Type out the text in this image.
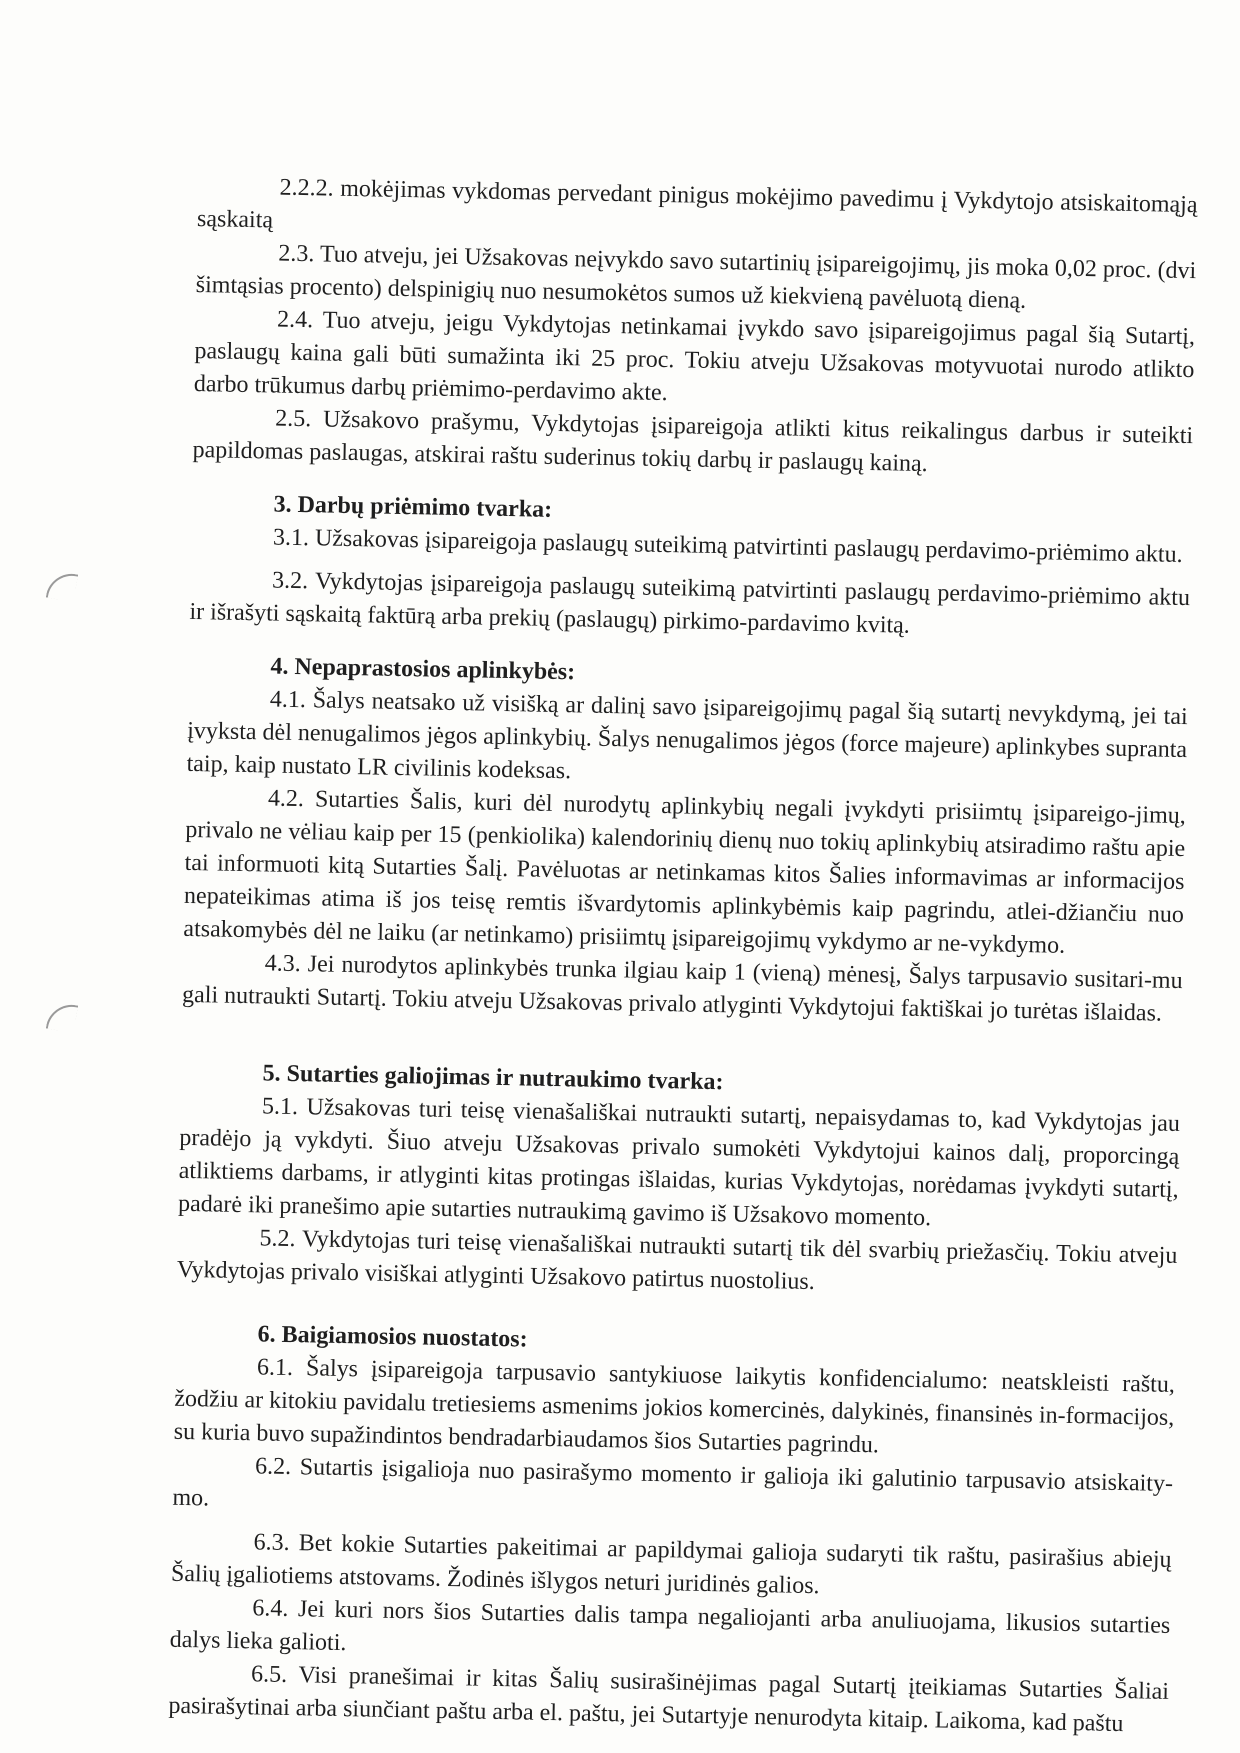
2.2.2. mokėjimas vykdomas pervedant pinigus mokėjimo pavedimu į Vykdytojo atsiskaitomąją sąskaitą

2.3. Tuo atveju, jei Užsakovas neįvykdo savo sutartinių įsipareigojimų, jis moka 0,02 proc. (dvi šimtąsias procento) delspinigių nuo nesumokėtos sumos už kiekvieną pavėluotą dieną.

2.4. Tuo atveju, jeigu Vykdytojas netinkamai įvykdo savo įsipareigojimus pagal šią Sutartį, paslaugų kaina gali būti sumažinta iki 25 proc. Tokiu atveju Užsakovas motyvuotai nurodo atlikto darbo trūkumus darbų priėmimo-perdavimo akte.

2.5. Užsakovo prašymu, Vykdytojas įsipareigoja atlikti kitus reikalingus darbus ir suteikti papildomas paslaugas, atskirai raštu suderinus tokių darbų ir paslaugų kainą.

3. Darbų priėmimo tvarka:

3.1. Užsakovas įsipareigoja paslaugų suteikimą patvirtinti paslaugų perdavimo-priėmimo aktu.

3.2. Vykdytojas įsipareigoja paslaugų suteikimą patvirtinti paslaugų perdavimo-priėmimo aktu ir išrašyti sąskaitą faktūrą arba prekių (paslaugų) pirkimo-pardavimo kvitą.

4. Nepaprastosios aplinkybės:

4.1. Šalys neatsako už visišką ar dalinį savo įsipareigojimų pagal šią sutartį nevykdymą, jei tai įvyksta dėl nenugalimos jėgos aplinkybių. Šalys nenugalimos jėgos (force majeure) aplinkybes supranta taip, kaip nustato LR civilinis kodeksas.

4.2. Sutarties Šalis, kuri dėl nurodytų aplinkybių negali įvykdyti prisiimtų įsipareigo-jimų, privalo ne vėliau kaip per 15 (penkiolika) kalendorinių dienų nuo tokių aplinkybių atsiradimo raštu apie tai informuoti kitą Sutarties Šalį. Pavėluotas ar netinkamas kitos Šalies informavimas ar informacijos nepateikimas atima iš jos teisę remtis išvardytomis aplinkybėmis kaip pagrindu, atlei-džiančiu nuo atsakomybės dėl ne laiku (ar netinkamo) prisiimtų įsipareigojimų vykdymo ar ne-vykdymo.

4.3. Jei nurodytos aplinkybės trunka ilgiau kaip 1 (vieną) mėnesį, Šalys tarpusavio susitari-mu gali nutraukti Sutartį. Tokiu atveju Užsakovas privalo atlyginti Vykdytojui faktiškai jo turėtas išlaidas.

5. Sutarties galiojimas ir nutraukimo tvarka:

5.1. Užsakovas turi teisę vienašališkai nutraukti sutartį, nepaisydamas to, kad Vykdytojas jau pradėjo ją vykdyti. Šiuo atveju Užsakovas privalo sumokėti Vykdytojui kainos dalį, proporcingą atliktiems darbams, ir atlyginti kitas protingas išlaidas, kurias Vykdytojas, norėdamas įvykdyti sutartį, padarė iki pranešimo apie sutarties nutraukimą gavimo iš Užsakovo momento.

5.2. Vykdytojas turi teisę vienašališkai nutraukti sutartį tik dėl svarbių priežasčių. Tokiu atveju Vykdytojas privalo visiškai atlyginti Užsakovo patirtus nuostolius.

6. Baigiamosios nuostatos:

6.1. Šalys įsipareigoja tarpusavio santykiuose laikytis konfidencialumo: neatskleisti raštu, žodžiu ar kitokiu pavidalu tretiesiems asmenims jokios komercinės, dalykinės, finansinės in-formacijos, su kuria buvo supažindintos bendradarbiaudamos šios Sutarties pagrindu.

6.2. Sutartis įsigalioja nuo pasirašymo momento ir galioja iki galutinio tarpusavio atsiskaity-mo.

6.3. Bet kokie Sutarties pakeitimai ar papildymai galioja sudaryti tik raštu, pasirašius abiejų Šalių įgaliotiems atstovams. Žodinės išlygos neturi juridinės galios.

6.4. Jei kuri nors šios Sutarties dalis tampa negaliojanti arba anuliuojama, likusios sutarties dalys lieka galioti.

6.5. Visi pranešimai ir kitas Šalių susirašinėjimas pagal Sutartį įteikiamas Sutarties Šaliai pasirašytinai arba siunčiant paštu arba el. paštu, jei Sutartyje nenurodyta kitaip. Laikoma, kad paštu
